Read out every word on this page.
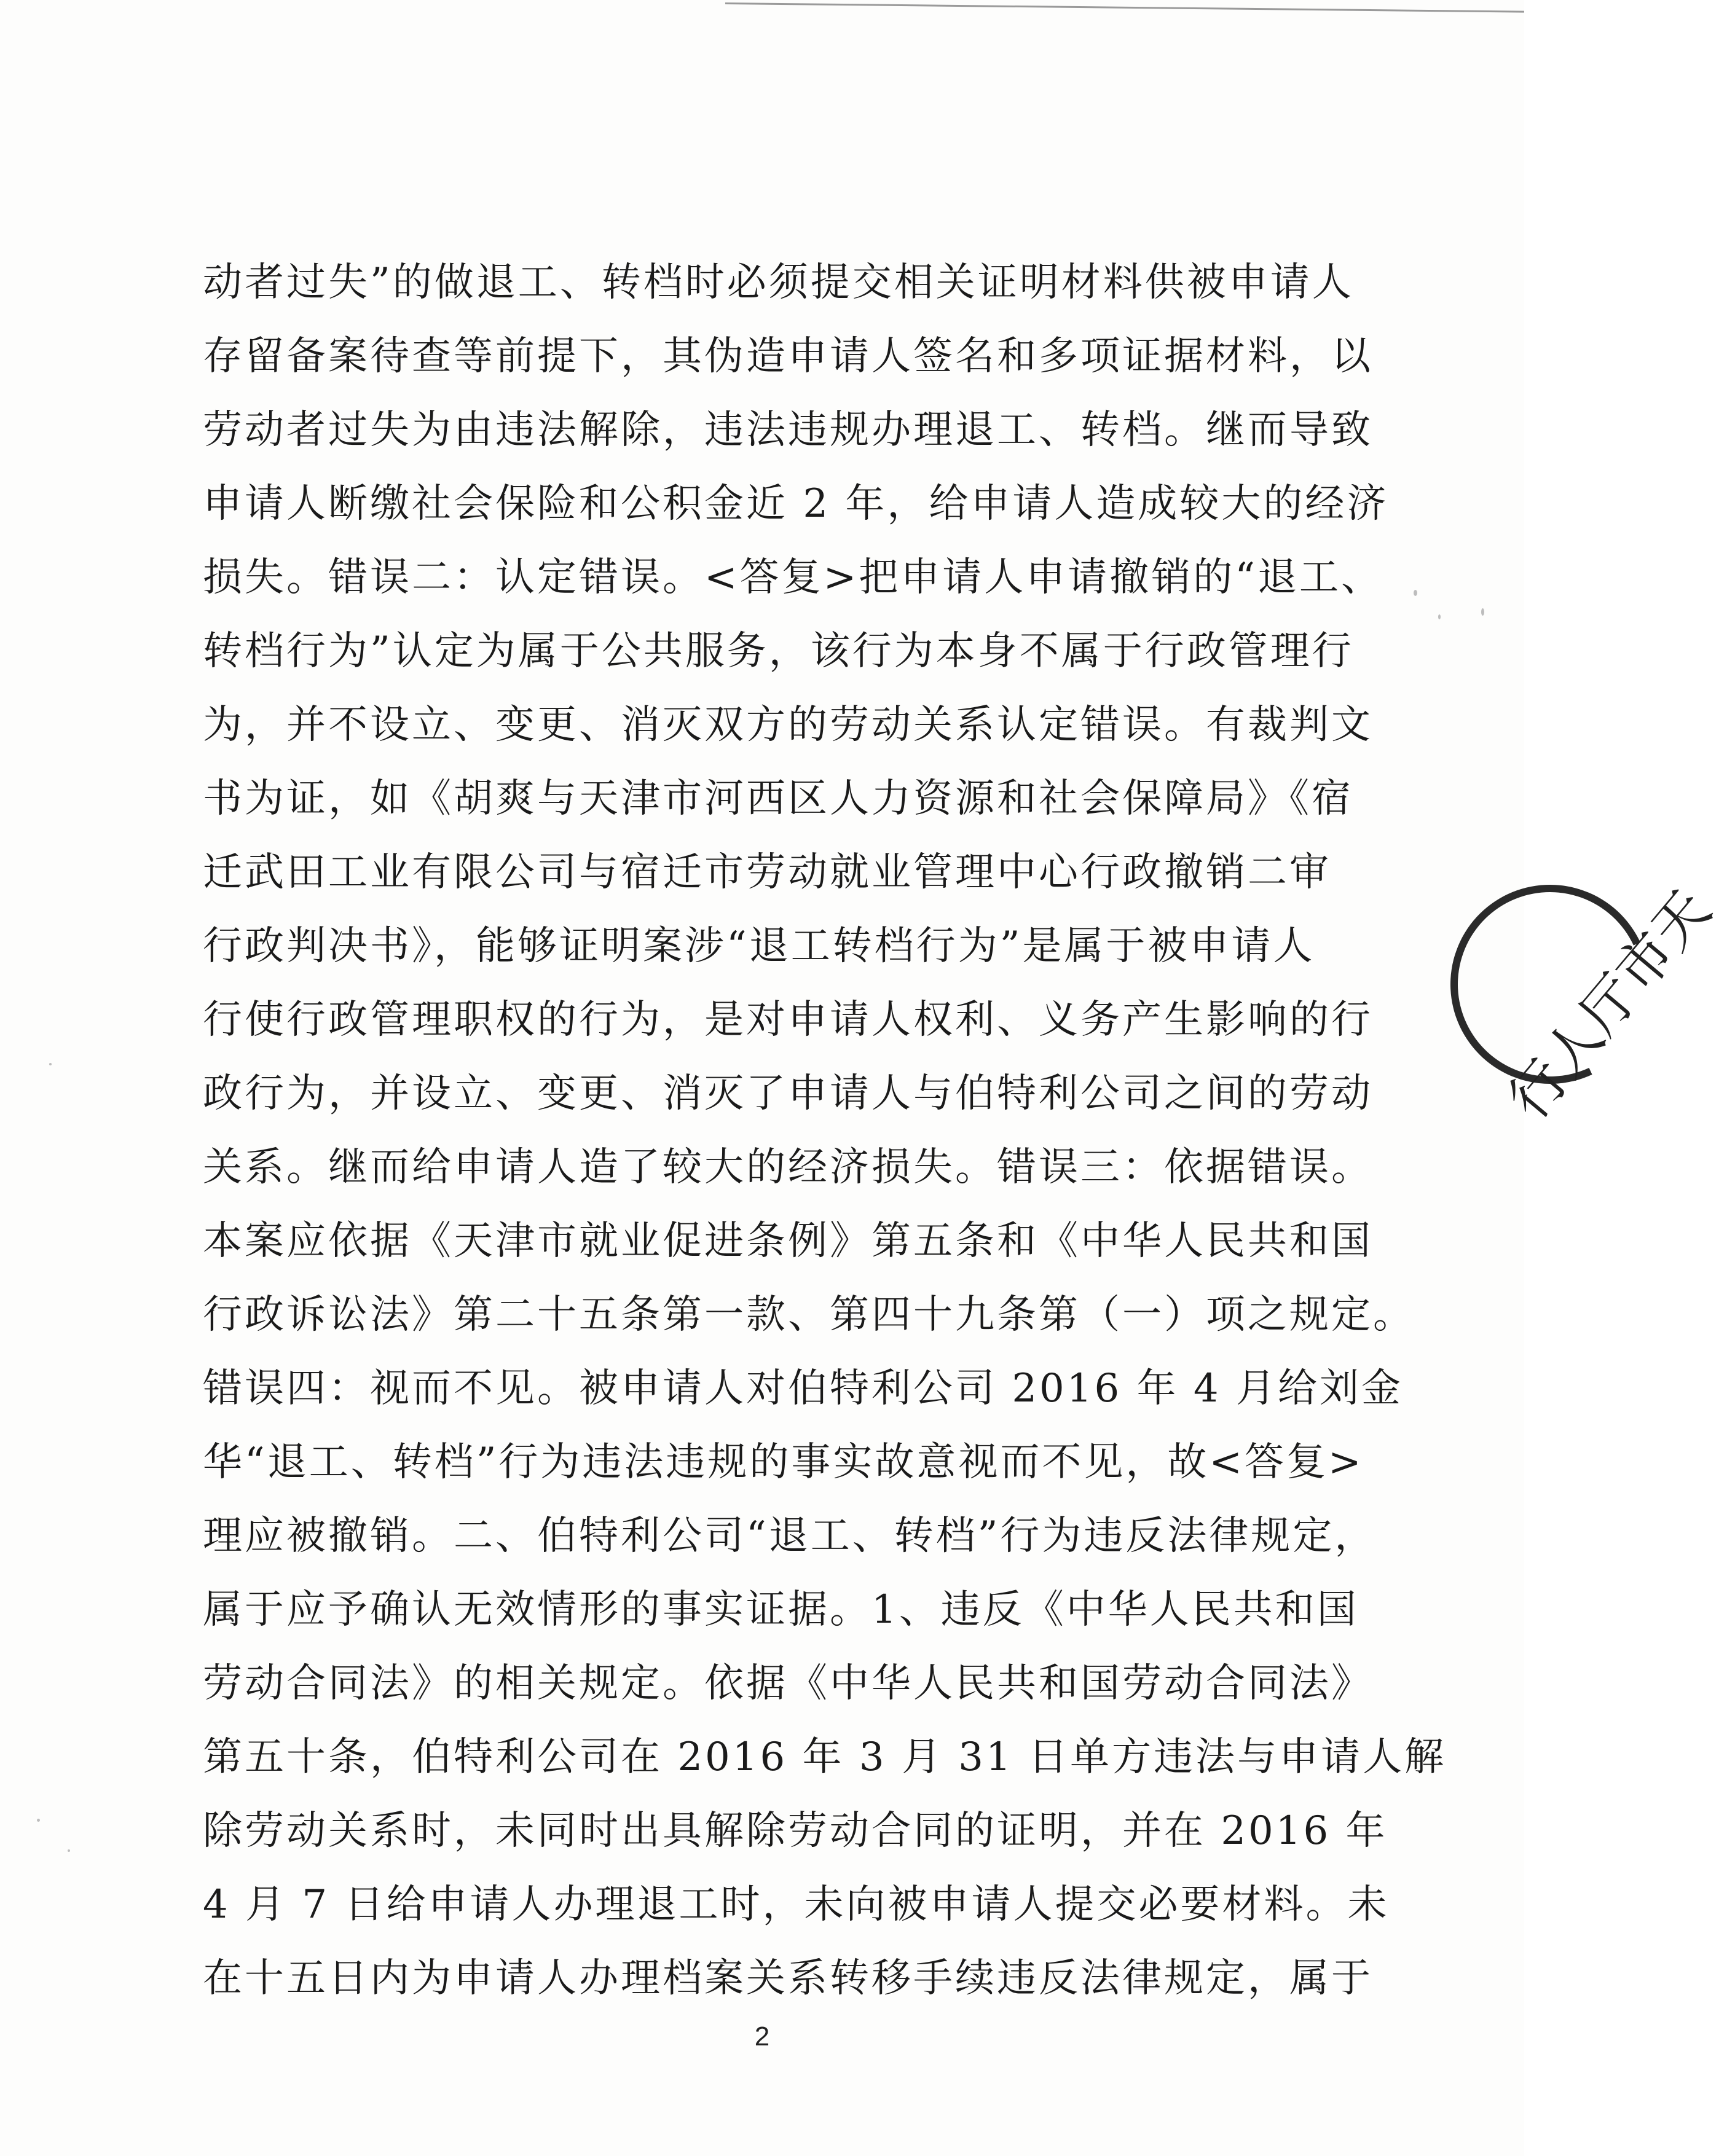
动者过失”的做退工、转档时必须提交相关证明材料供被申请人
存留备案待查等前提下，其伪造申请人签名和多项证据材料，以
劳动者过失为由违法解除，违法违规办理退工、转档。继而导致
申请人断缴社会保险和公积金近 2 年，给申请人造成较大的经济
损失。错误二：认定错误。<答复>把申请人申请撤销的“退工、
转档行为”认定为属于公共服务，该行为本身不属于行政管理行
为，并不设立、变更、消灭双方的劳动关系认定错误。有裁判文
书为证，如《胡爽与天津市河西区人力资源和社会保障局》《宿
迁武田工业有限公司与宿迁市劳动就业管理中心行政撤销二审
行政判决书》，能够证明案涉“退工转档行为”是属于被申请人
行使行政管理职权的行为，是对申请人权利、义务产生影响的行
政行为，并设立、变更、消灭了申请人与伯特利公司之间的劳动
关系。继而给申请人造了较大的经济损失。错误三：依据错误。
本案应依据《天津市就业促进条例》第五条和《中华人民共和国
行政诉讼法》第二十五条第一款、第四十九条第（一）项之规定。
错误四：视而不见。被申请人对伯特利公司 2016 年 4 月给刘金
华“退工、转档”行为违法违规的事实故意视而不见，故<答复>
理应被撤销。二、伯特利公司“退工、转档”行为违反法律规定，
属于应予确认无效情形的事实证据。1、违反《中华人民共和国
劳动合同法》的相关规定。依据《中华人民共和国劳动合同法》
第五十条，伯特利公司在 2016 年 3 月 31 日单方违法与申请人解
除劳动关系时，未同时出具解除劳动合同的证明，并在 2016 年
4 月 7 日给申请人办理退工时，未向被申请人提交必要材料。未
在十五日内为申请人办理档案关系转移手续违反法律规定，属于
行人厅市天
2
